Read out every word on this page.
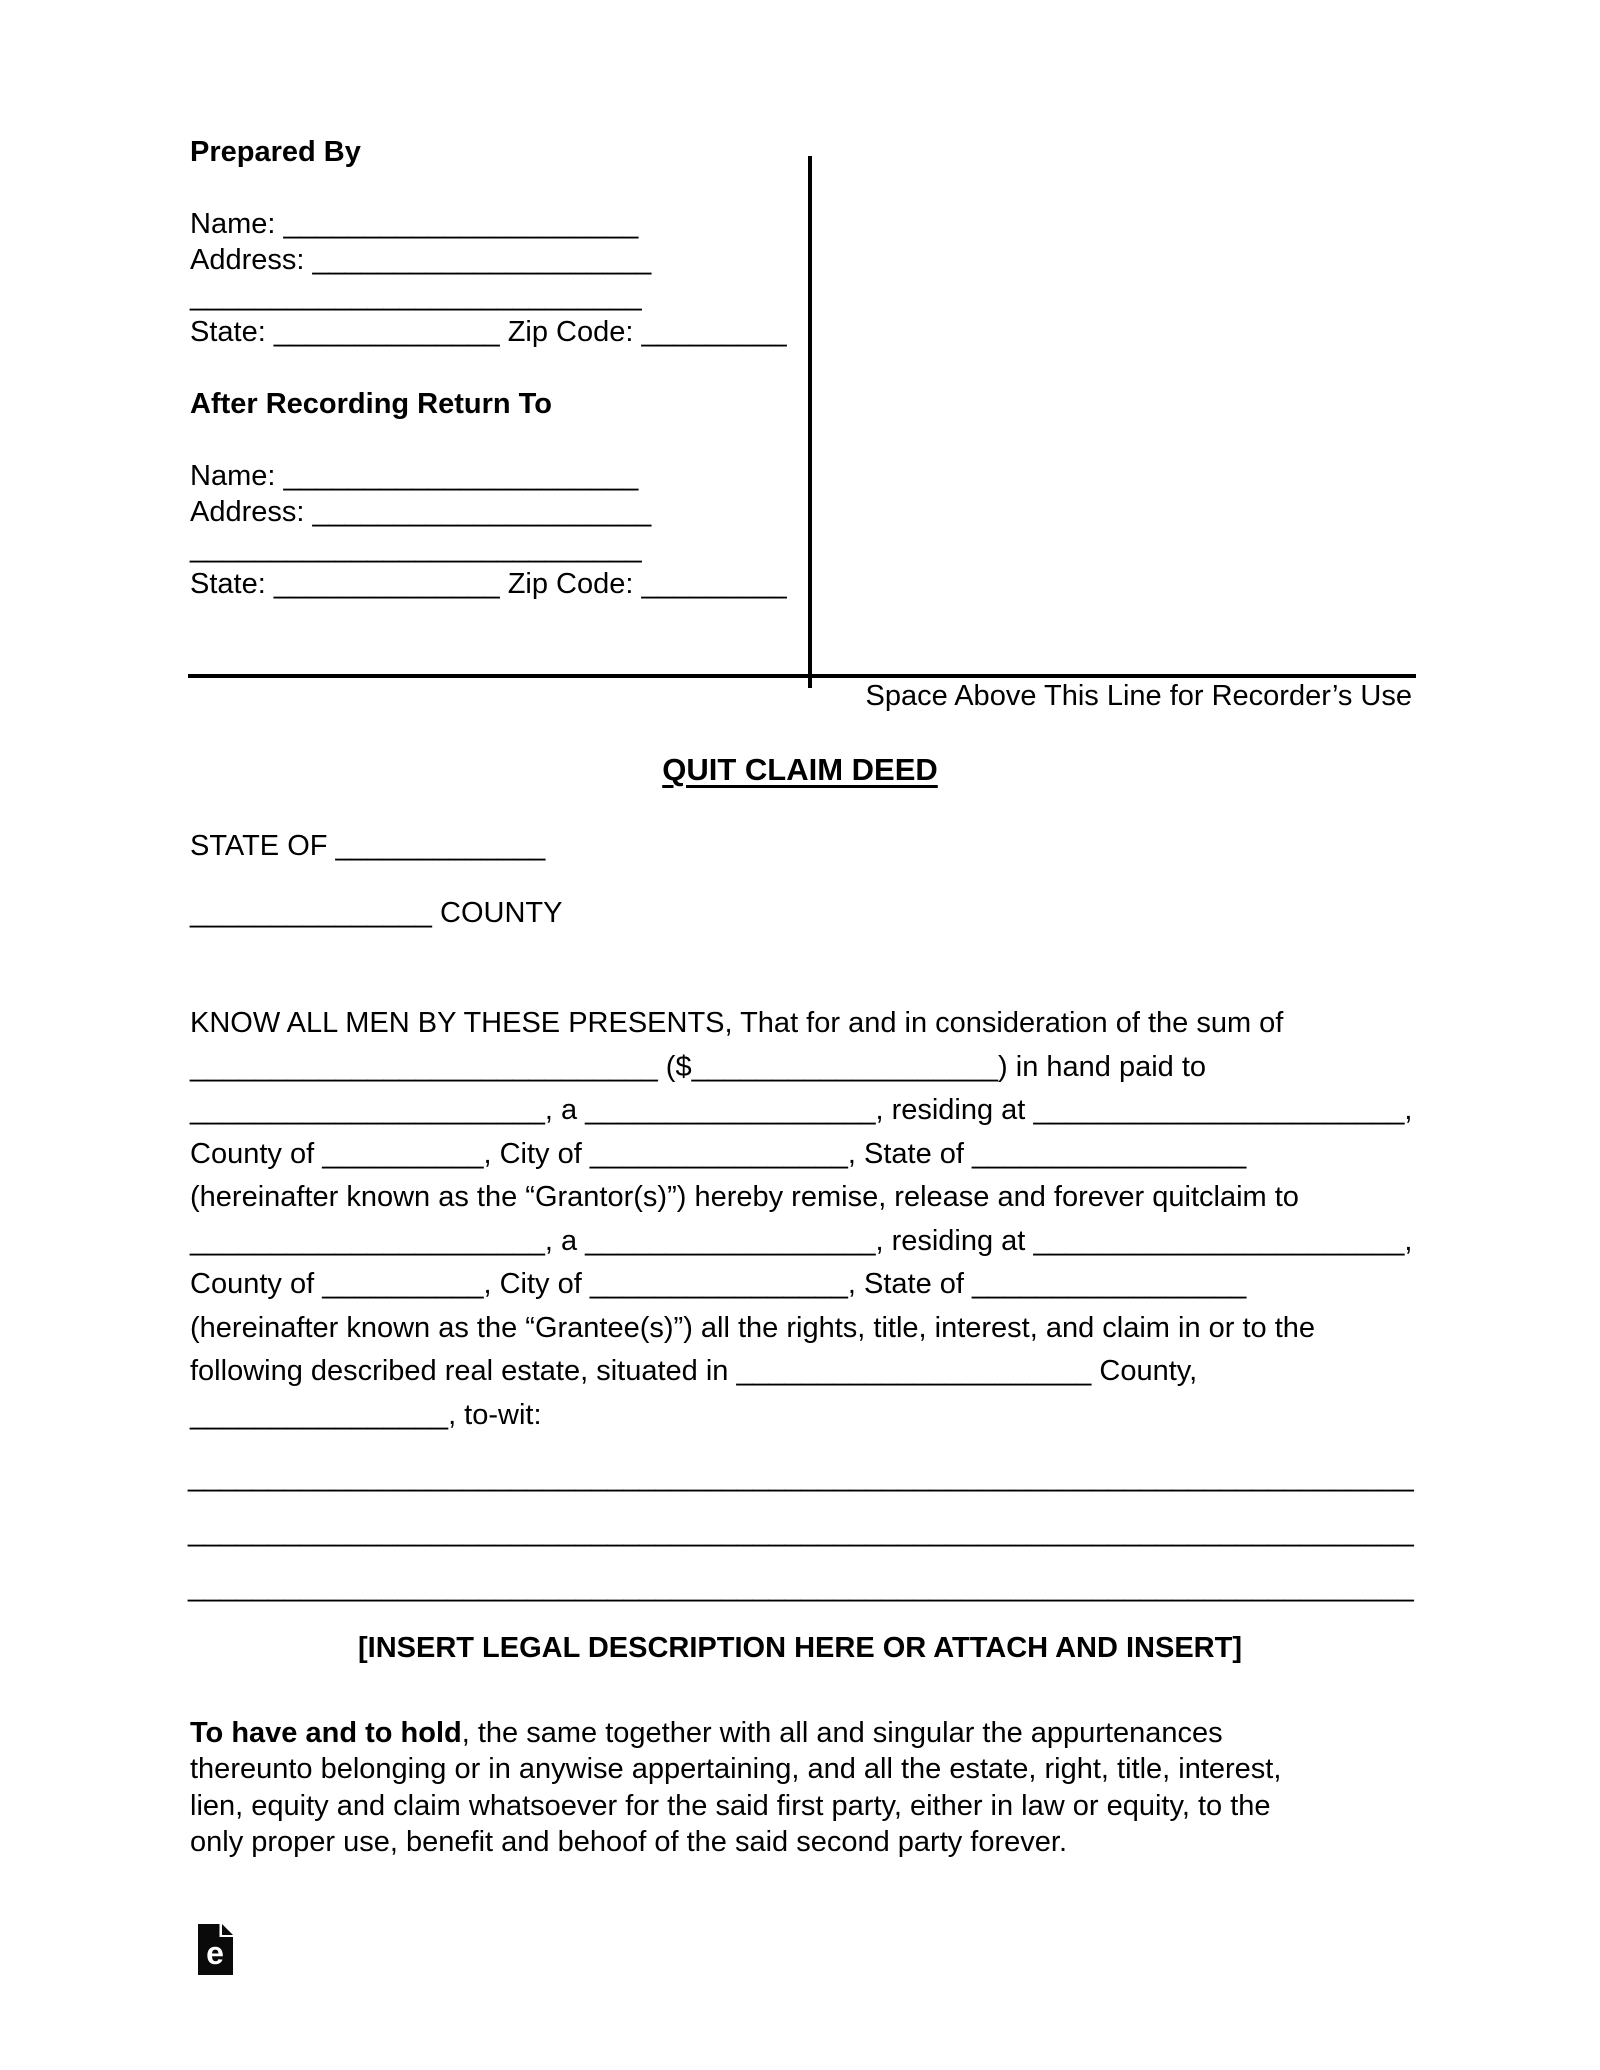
Prepared By
Name: ______________________
Address: _____________________
____________________________
State: ______________ Zip Code: _________
After Recording Return To
Name: ______________________
Address: _____________________
____________________________
State: ______________ Zip Code: _________
Space Above This Line for Recorder’s Use
QUIT CLAIM DEED
STATE OF _____________
_______________ COUNTY
KNOW ALL MEN BY THESE PRESENTS, That for and in consideration of the sum of
_____________________________ ($___________________) in hand paid to
______________________, a __________________, residing at _______________________,
County of __________, City of ________________, State of _________________
(hereinafter known as the “Grantor(s)”) hereby remise, release and forever quitclaim to
______________________, a __________________, residing at _______________________,
County of __________, City of ________________, State of _________________
(hereinafter known as the “Grantee(s)”) all the rights, title, interest, and claim in or to the
following described real estate, situated in ______________________ County,
________________, to-wit:
____________________________________________________________________________
____________________________________________________________________________
____________________________________________________________________________
[INSERT LEGAL DESCRIPTION HERE OR ATTACH AND INSERT]
To have and to hold, the same together with all and singular the appurtenances
thereunto belonging or in anywise appertaining, and all the estate, right, title, interest,
lien, equity and claim whatsoever for the said first party, either in law or equity, to the
only proper use, benefit and behoof of the said second party forever.
e
